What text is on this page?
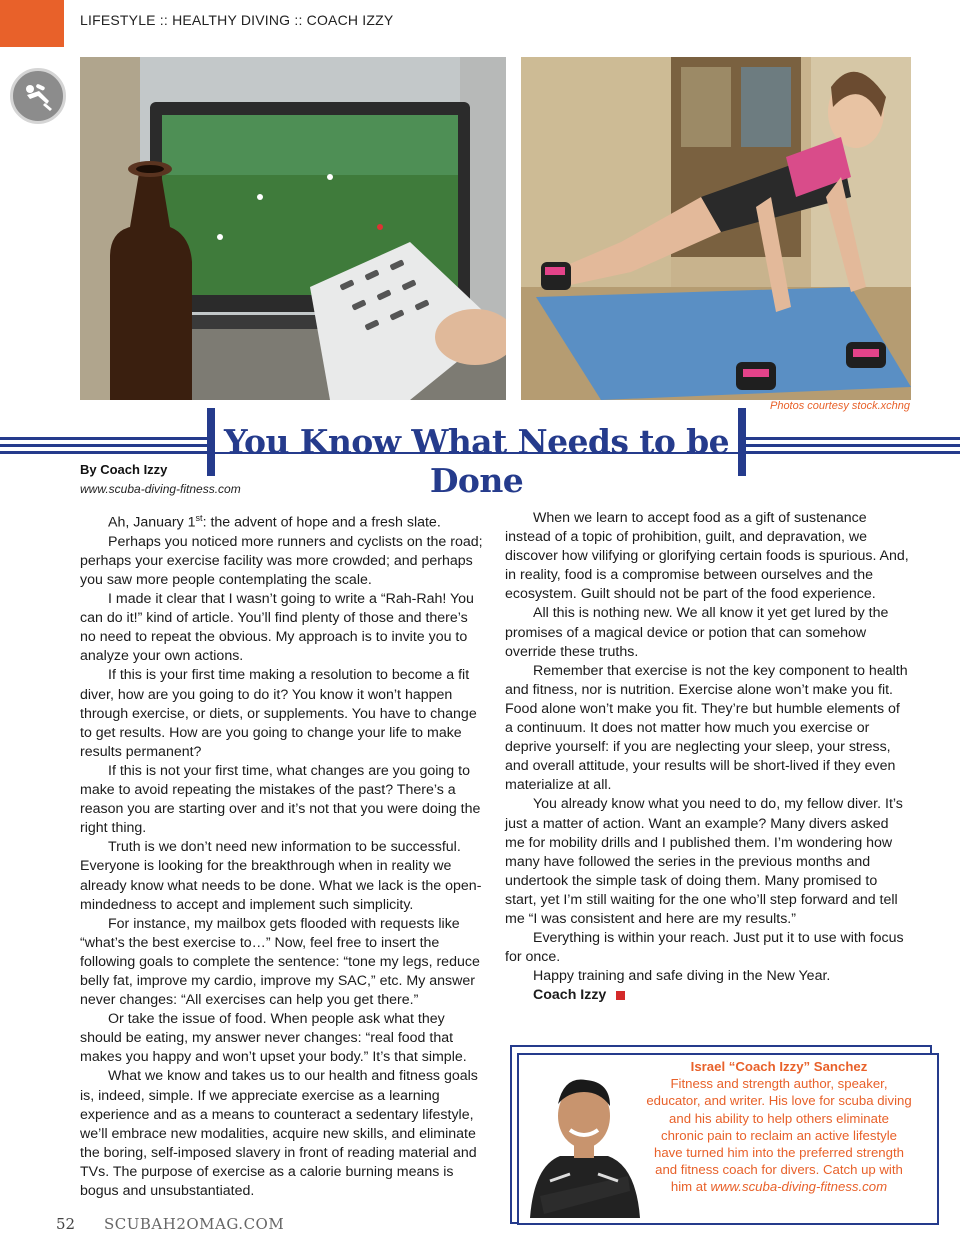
LIFESTYLE :: HEALTHY DIVING :: COACH IZZY
Photos courtesy stock.xchng
You Know What Needs to be Done
By Coach Izzy
www.scuba-diving-fitness.com

Ah, January 1st: the advent of hope and a fresh slate.

Perhaps you noticed more runners and cyclists on the road; perhaps your exercise facility was more crowded; and perhaps you saw more people contemplating the scale.

I made it clear that I wasn’t going to write a “Rah-Rah! You can do it!” kind of article. You’ll find plenty of those and there’s no need to repeat the obvious. My approach is to invite you to analyze your own actions.

If this is your first time making a resolution to become a fit diver, how are you going to do it? You know it won’t happen through exercise, or diets, or supplements. You have to change to get results. How are you going to change your life to make results permanent?

If this is not your first time, what changes are you going to make to avoid repeating the mistakes of the past? There’s a reason you are starting over and it’s not that you were doing the right thing.

Truth is we don’t need new information to be successful. Everyone is looking for the breakthrough when in reality we already know what needs to be done. What we lack is the open-mindedness to accept and implement such simplicity.

For instance, my mailbox gets flooded with requests like “what’s the best exercise to…” Now, feel free to insert the following goals to complete the sentence: “tone my legs, reduce belly fat, improve my cardio, improve my SAC,” etc. My answer never changes: “All exercises can help you get there.”

Or take the issue of food. When people ask what they should be eating, my answer never changes: “real food that makes you happy and won’t upset your body.” It’s that simple.

What we know and takes us to our health and fitness goals is, indeed, simple. If we appreciate exercise as a learning experience and as a means to counteract a sedentary lifestyle, we’ll embrace new modalities, acquire new skills, and eliminate the boring, self-imposed slavery in front of reading material and TVs. The purpose of exercise as a calorie burning means is bogus and unsubstantiated.

When we learn to accept food as a gift of sustenance instead of a topic of prohibition, guilt, and depravation, we discover how vilifying or glorifying certain foods is spurious. And, in reality, food is a compromise between ourselves and the ecosystem. Guilt should not be part of the food experience.

All this is nothing new. We all know it yet get lured by the promises of a magical device or potion that can somehow override these truths.

Remember that exercise is not the key component to health and fitness, nor is nutrition. Exercise alone won’t make you fit. Food alone won’t make you fit. They’re but humble elements of a continuum. It does not matter how much you exercise or deprive yourself: if you are neglecting your sleep, your stress, and overall attitude, your results will be short-lived if they even materialize at all.

You already know what you need to do, my fellow diver. It’s just a matter of action. Want an example? Many divers asked me for mobility drills and I published them. I’m wondering how many have followed the series in the previous months and undertook the simple task of doing them. Many promised to start, yet I’m still waiting for the one who’ll step forward and tell me “I was consistent and here are my results.”

Everything is within your reach. Just put it to use with focus for once.

Happy training and safe diving in the New Year.

Coach Izzy

Israel “Coach Izzy” Sanchez
Fitness and strength author, speaker, educator, and writer. His love for scuba diving and his ability to help others eliminate chronic pain to reclaim an active lifestyle have turned him into the preferred strength and fitness coach for divers. Catch up with him at www.scuba-diving-fitness.com
52 SCUBAH2OMAG.COM
